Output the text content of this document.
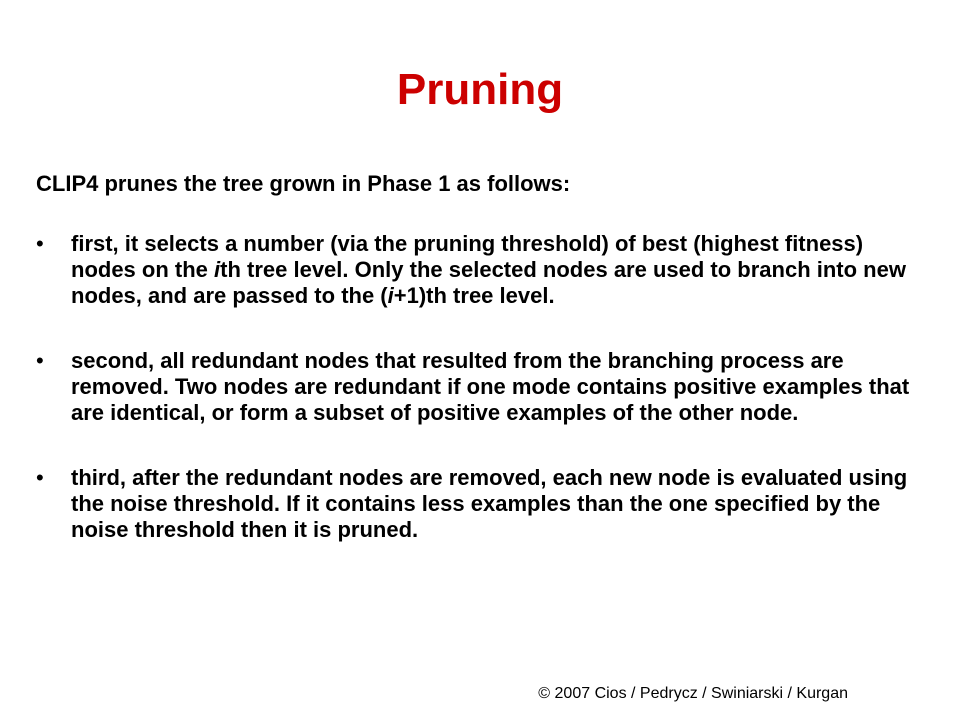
Pruning

CLIP4 prunes the tree grown in Phase 1 as follows:

•	first, it selects a number (via the pruning threshold) of best (highest fitness) nodes on the ith tree level. Only the selected nodes are used to branch into new nodes, and are passed to the (i+1)th tree level.
•	second, all redundant nodes that resulted from the branching process are removed. Two nodes are redundant if one mode contains positive examples that are identical, or form a subset of positive examples of the other node.
•	third, after the redundant nodes are removed, each new node is evaluated using the noise threshold. If it contains less examples than the one specified by the noise threshold then it is pruned.
© 2007 Cios / Pedrycz / Swiniarski / Kurgan
